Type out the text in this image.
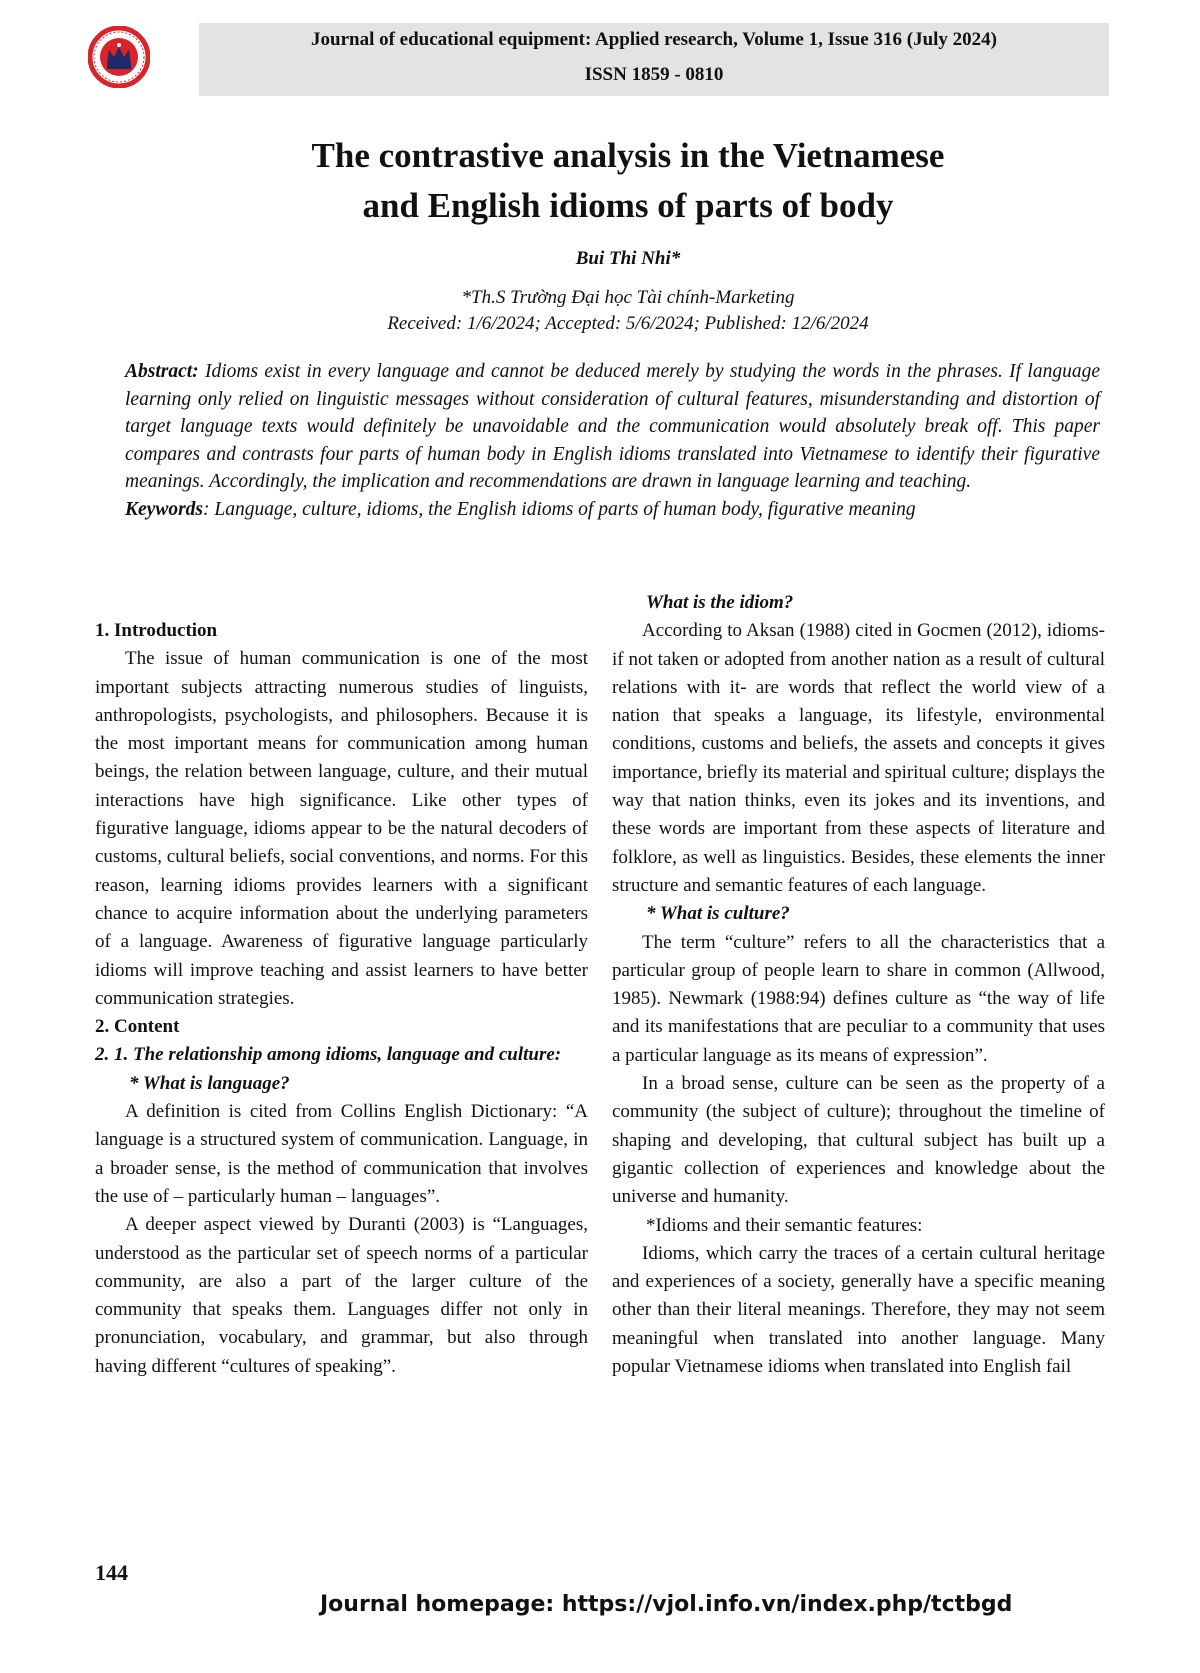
Journal of educational equipment: Applied research, Volume 1, Issue 316 (July 2024)
ISSN 1859 - 0810
The contrastive analysis in the Vietnamese
and English idioms of parts of body
Bui Thi Nhi*
*Th.S Trường Đại học Tài chính-Marketing
Received: 1/6/2024; Accepted: 5/6/2024; Published: 12/6/2024
Abstract: Idioms exist in every language and cannot be deduced merely by studying the words in the phrases. If language learning only relied on linguistic messages without consideration of cultural features, misunderstanding and distortion of target language texts would definitely be unavoidable and the communication would absolutely break off. This paper compares and contrasts four parts of human body in English idioms translated into Vietnamese to identify their figurative meanings. Accordingly, the implication and recommendations are drawn in language learning and teaching.
Keywords: Language, culture, idioms, the English idioms of parts of human body, figurative meaning

1. Introduction

The issue of human communication is one of the most important subjects attracting numerous studies of linguists, anthropologists, psychologists, and philosophers. Because it is the most important means for communication among human beings, the relation between language, culture, and their mutual interactions have high significance. Like other types of figurative language, idioms appear to be the natural decoders of customs, cultural beliefs, social conventions, and norms. For this reason, learning idioms provides learners with a significant chance to acquire information about the underlying parameters of a language. Awareness of figurative language particularly idioms will improve teaching and assist learners to have better communication strategies.

2. Content

2. 1. The relationship among idioms, language and culture:

* What is language?

A definition is cited from Collins English Dictionary: “A language is a structured system of communication. Language, in a broader sense, is the method of communication that involves the use of – particularly human – languages”.

A deeper aspect viewed by Duranti (2003) is “Languages, understood as the particular set of speech norms of a particular community, are also a part of the larger culture of the community that speaks them. Languages differ not only in pronunciation, vocabulary, and grammar, but also through having different “cultures of speaking”.

What is the idiom?

According to Aksan (1988) cited in Gocmen (2012), idioms- if not taken or adopted from another nation as a result of cultural relations with it- are words that reflect the world view of a nation that speaks a language, its lifestyle, environmental conditions, customs and beliefs, the assets and concepts it gives importance, briefly its material and spiritual culture; displays the way that nation thinks, even its jokes and its inventions, and these words are important from these aspects of literature and folklore, as well as linguistics. Besides, these elements the inner structure and semantic features of each language.

* What is culture?

The term “culture” refers to all the characteristics that a particular group of people learn to share in common (Allwood, 1985). Newmark (1988:94) defines culture as “the way of life and its manifestations that are peculiar to a community that uses a particular language as its means of expression”.

In a broad sense, culture can be seen as the property of a community (the subject of culture); throughout the timeline of shaping and developing, that cultural subject has built up a gigantic collection of experiences and knowledge about the universe and humanity.

*Idioms and their semantic features:

Idioms, which carry the traces of a certain cultural heritage and experiences of a society, generally have a specific meaning other than their literal meanings. Therefore, they may not seem meaningful when translated into another language. Many popular Vietnamese idioms when translated into English fail

144
Journal homepage: https://vjol.info.vn/index.php/tctbgd
